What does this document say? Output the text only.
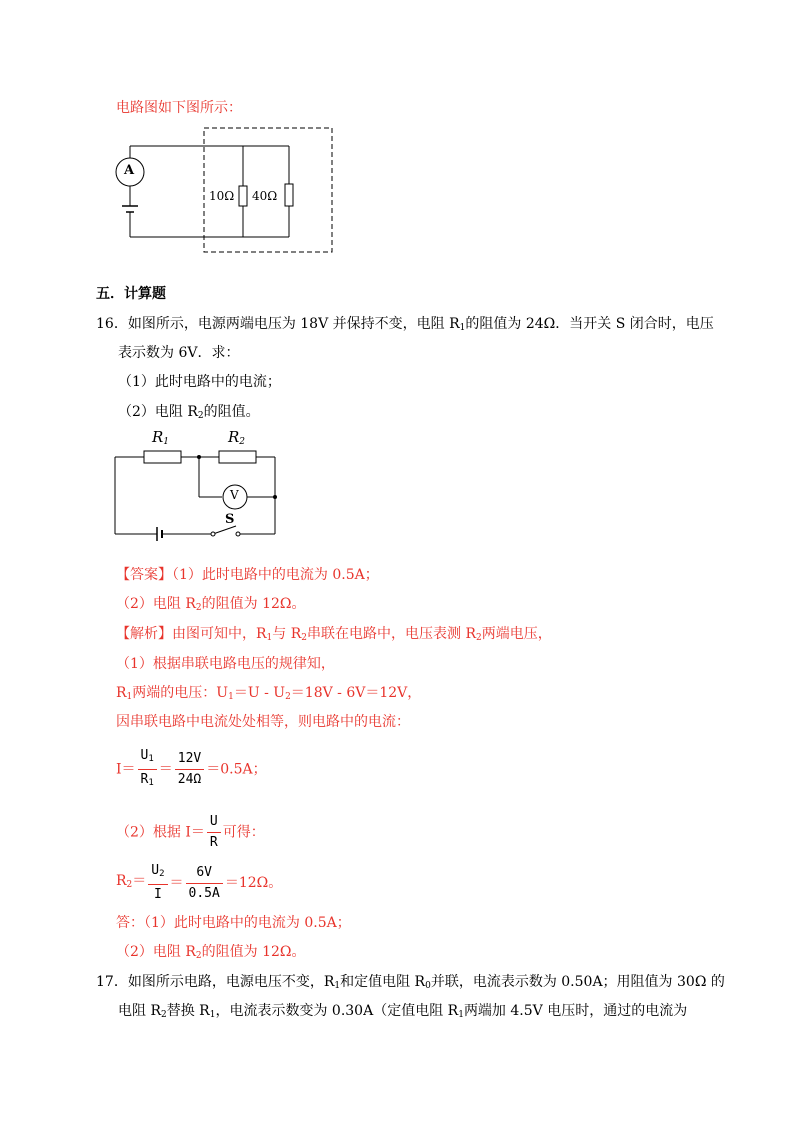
电路图如下图所示：
A
10Ω 40Ω
五．计算题
16．如图所示，电源两端电压为 18V 并保持不变，电阻 $R_1$的阻值为 24Ω．当开关 S 闭合时，电压
表示数为 6V．求：
（1）此时电路中的电流；
（2）电阻 $R_2$的阻值。
$R_1$	$R_2$
V
S
【答案】（1）此时电路中的电流为 0.5A；
（2）电阻 $R_2$的阻值为 12Ω。
【解析】由图可知中，$R_1$与 $R_2$串联在电路中，电压表测 $R_2$两端电压，
（1）根据串联电路电压的规律知，
$R_1$两端的电压：$U_1=U - U_2=18V - 6V=12V$，
因串联电路中电流处处相等，则电路中的电流：
$I= \frac{U_1}{R_1} = \frac{12V}{24\Omega} =0.5A$；
（2）根据 $I= \frac{U}{R}$ 可得：
$R_2= \frac{U_2}{I} = \frac{6V}{0.5A} =12\Omega$。
答：（1）此时电路中的电流为 0.5A；
（2）电阻 $R_2$的阻值为 12Ω。
17．如图所示电路，电源电压不变，$R_1$和定值电阻 $R_0$并联，电流表示数为 0.50A；用阻值为 30Ω 的
电阻 $R_2$替换 $R_1$，电流表示数变为 0.30A（定值电阻 $R_1$两端加 4.5V 电压时，通过的电流为
